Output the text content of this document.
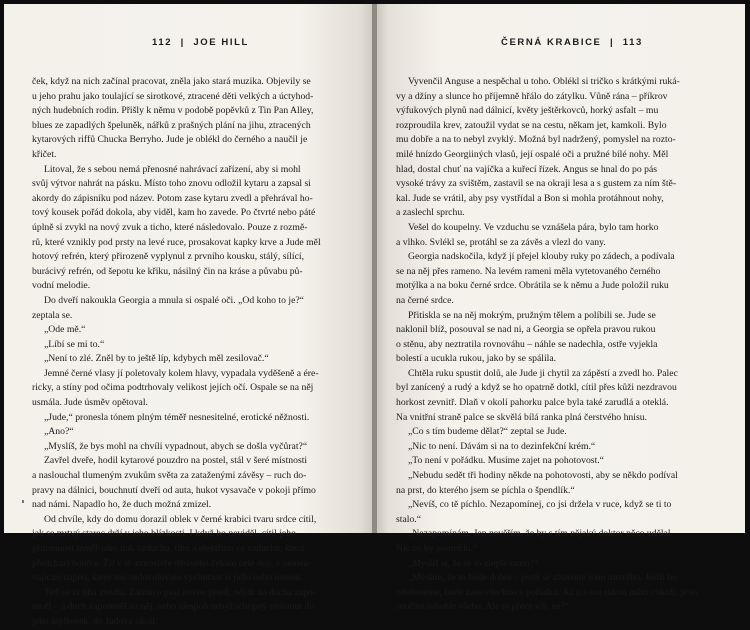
112  |  JOE HILL
ček, když na nich začínal pracovat, zněla jako stará muzika. Objevily se
u jeho prahu jako toulající se sirotkové, ztracené děti velkých a úctyhod-
ných hudebních rodin. Přišly k němu v podobě popěvků z Tin Pan Alley,
blues ze zapadlých špeluněk, nářků z prašných plání na jihu, ztracených
kytarových riffů Chucka Berryho. Jude je oblékl do černého a naučil je
křičet.
Litoval, že s sebou nemá přenosné nahrávací zařízení, aby si mohl
svůj výtvor nahrát na pásku. Místo toho znovu odložil kytaru a zapsal si
akordy do zápisníku pod název. Potom zase kytaru zvedl a přehrával ho-
tový kousek pořád dokola, aby viděl, kam ho zavede. Po čtvrté nebo páté
úplně si zvykl na nový zvuk a ticho, které následovalo. Pouze z rozmě-
rů, které vznikly pod prsty na levé ruce, prosakovat kapky krve a Jude měl
hotový refrén, který přirozeně vyplynul z prvního kousku, stálý, sílící,
burácivý refrén, od šepotu ke křiku, násilný čin na kráse a půvabu pů-
vodní melodie.
Do dveří nakoukla Georgia a mnula si ospalé oči. „Od koho to je?“
zeptala se.
„Ode mě.“
„Líbí se mi to.“
„Není to zlé. Zněl by to ještě líp, kdybych měl zesilovač.“
Jemné černé vlasy jí poletovaly kolem hlavy, vypadala vyděšeně a ére-
ricky, a stíny pod očima podtrhovaly velikost jejích očí. Ospale se na něj
usmála. Jude úsměv opětoval.
„Jude,“ pronesla tónem plným téměř nesnesitelné, erotické něžnosti.
„Ano?“
„Myslíš, že bys mohl na chvíli vypadnout, abych se došla vyčůrat?“
Zavřel dveře, hodil kytarové pouzdro na postel, stál v šeré místnosti
a naslouchal tlumeným zvukům světa za zataženými závěsy – ruch do-
pravy na dálnici, bouchnutí dveří od auta, hukot vysavače v pokoji přímo
nad námi. Napadlo ho, že duch možná zmizel.
Od chvíle, kdy do domu dorazil oblek v černé krabici tvaru srdce cítil,
jak se mrtvý starec drží v jeho blízkosti. I když ho neviděl, cítil jeho
přítomnost téměř jako tlak vzduchu, tíhu a elektřinu ve vzduchu, která
předchází bouřce. Žil v té atmosféře děsivého čekání celé dny, v neustá-
vajícím napětí, které mu nedovolovalo vychutnat si jídlo nebo usnout.
Teď se ta tíha zvedla. Zatímco psal novou píseň, nějak na ducha zapo-
mněl – a duch zapomněl na něj, nebo alespoň nebyl schopný vtrhnout do
jeho myšlenek, do Judova okolí.
ČERNÁ KRABICE  |  113
Vyvenčil Anguse a nespěchal u toho. Oblékl si tričko s krátkými ruká-
vy a džíny a slunce ho příjemně hřálo do zátylku. Vůně rána – příkrov
výfukových plynů nad dálnicí, květy ještěrkovců, horký asfalt – mu
rozproudila krev, zatoužil vydat se na cestu, někam jet, kamkoli. Bylo
mu dobře a na to nebyl zvyklý. Možná byl nadržený, pomyslel na rozto-
milé hnízdo Georgiiných vlasů, její ospalé oči a pružné bílé nohy. Měl
hlad, dostal chuť na vajíčka a kuřecí řízek. Angus se hnal do po pás
vysoké trávy za svištěm, zastavil se na okraji lesa a s gustem za ním ště-
kal. Jude se vrátil, aby psy vystřídal a Bon si mohla protáhnout nohy,
a zaslechl sprchu.
Vešel do koupelny. Ve vzduchu se vznášela pára, bylo tam horko
a vlhko. Svlékl se, protáhl se za závěs a vlezl do vany.
Georgia nadskočila, když jí přejel klouby ruky po zádech, a podívala
se na něj přes rameno. Na levém rameni měla vytetovaného černého
motýlka a na boku černé srdce. Obrátila se k němu a Jude položil ruku
na černé srdce.
Přitiskla se na něj mokrým, pružným tělem a políbili se. Jude se
naklonil blíž, posouval se nad ni, a Georgia se opřela pravou rukou
o stěnu, aby neztratila rovnováhu – náhle se nadechla, ostře vyjekla
bolestí a ucukla rukou, jako by se spálila.
Chtěla ruku spustit dolů, ale Jude ji chytil za zápěstí a zvedl ho. Palec
byl zanícený a rudý a když se ho opatrně dotkl, cítil přes kůži nezdravou
horkost zevnitř. Dlaň v okolí pahorku palce byla také zarudlá a oteklá.
Na vnitřní straně palce se skvělá bílá ranka plná čerstvého hnisu.
„Co s tím budeme dělat?“ zeptal se Jude.
„Nic to není. Dávám si na to dezinfekční krém.“
„To není v pořádku. Musíme zajet na pohotovost.“
„Nebudu sedět tři hodiny někde na pohotovosti, aby se někdo podíval
na prst, do kterého jsem se píchla o špendlík.“
„Nevíš, co tě píchlo. Nezapomínej, co jsi držela v ruce, když se ti to
stalo.“
„Nezapomínám. Jen nevěřím, že by s tím nějaký doktor něco udělal.
Nic co by pomohlo.“
„Myslíš si, že se to zlepší samo?“
„Myslím, že to bude dobré – jestli se zbavíme toho mrtvého. Jestli ho
odeženeme, bude zase všechno v pořádku. Až u s tou rukou mám cokoli, je to
součást tohohle všeho. Ale to přece víš, ne?“
